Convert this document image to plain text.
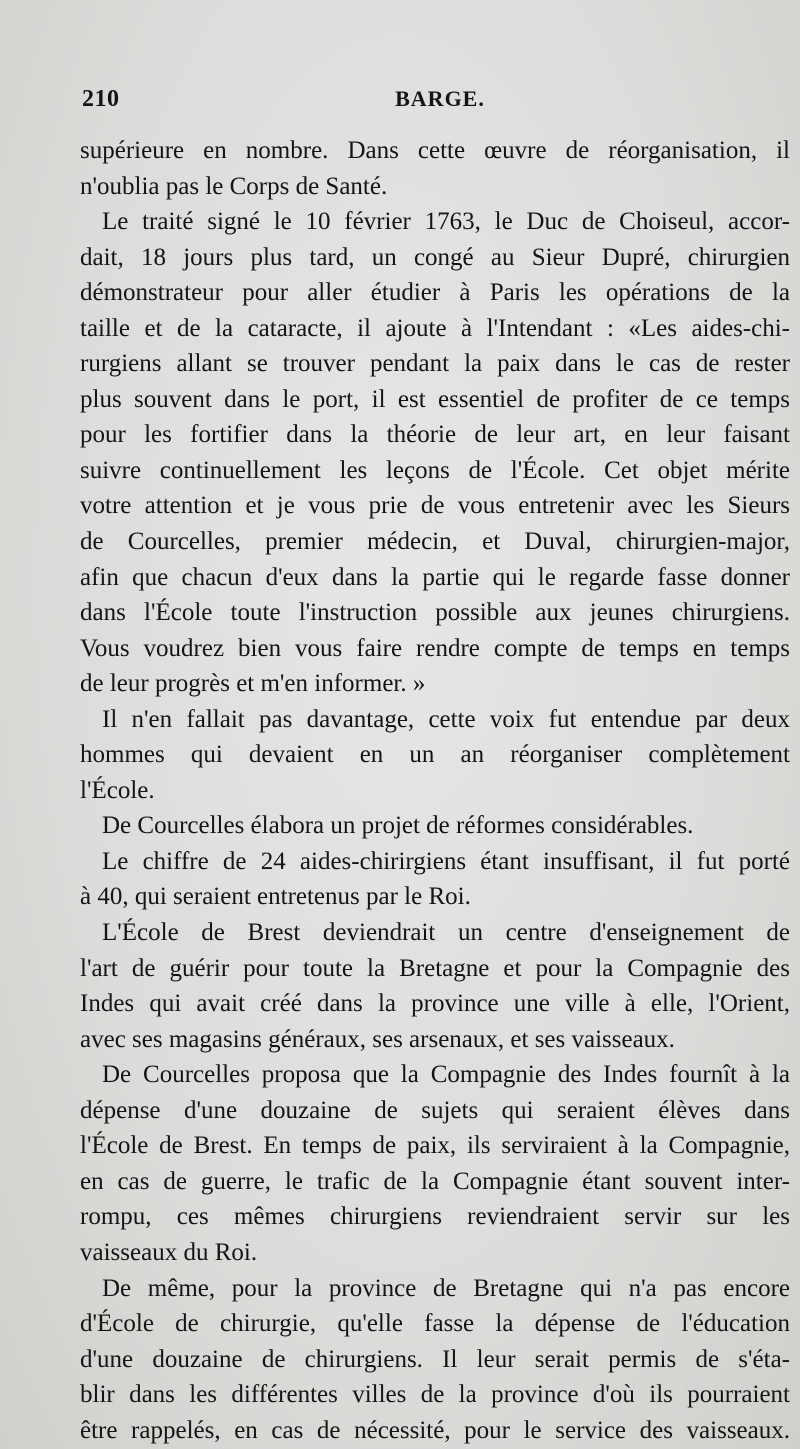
210	BARGE.
supérieure en nombre. Dans cette œuvre de réorganisation, il
n'oublia pas le Corps de Santé.
Le traité signé le 10 février 1763, le Duc de Choiseul, accor-
dait, 18 jours plus tard, un congé au Sieur Dupré, chirurgien
démonstrateur pour aller étudier à Paris les opérations de la
taille et de la cataracte, il ajoute à l'Intendant : «Les aides-chi-
rurgiens allant se trouver pendant la paix dans le cas de rester
plus souvent dans le port, il est essentiel de profiter de ce temps
pour les fortifier dans la théorie de leur art, en leur faisant
suivre continuellement les leçons de l'École. Cet objet mérite
votre attention et je vous prie de vous entretenir avec les Sieurs
de Courcelles, premier médecin, et Duval, chirurgien-major,
afin que chacun d'eux dans la partie qui le regarde fasse donner
dans l'École toute l'instruction possible aux jeunes chirurgiens.
Vous voudrez bien vous faire rendre compte de temps en temps
de leur progrès et m'en informer. »
Il n'en fallait pas davantage, cette voix fut entendue par deux
hommes qui devaient en un an réorganiser complètement
l'École.
De Courcelles élabora un projet de réformes considérables.
Le chiffre de 24 aides-chirirgiens étant insuffisant, il fut porté
à 40, qui seraient entretenus par le Roi.
L'École de Brest deviendrait un centre d'enseignement de
l'art de guérir pour toute la Bretagne et pour la Compagnie des
Indes qui avait créé dans la province une ville à elle, l'Orient,
avec ses magasins généraux, ses arsenaux, et ses vaisseaux.
De Courcelles proposa que la Compagnie des Indes fournît à la
dépense d'une douzaine de sujets qui seraient élèves dans
l'École de Brest. En temps de paix, ils serviraient à la Compagnie,
en cas de guerre, le trafic de la Compagnie étant souvent inter-
rompu, ces mêmes chirurgiens reviendraient servir sur les
vaisseaux du Roi.
De même, pour la province de Bretagne qui n'a pas encore
d'École de chirurgie, qu'elle fasse la dépense de l'éducation
d'une douzaine de chirurgiens. Il leur serait permis de s'éta-
blir dans les différentes villes de la province d'où ils pourraient
être rappelés, en cas de nécessité, pour le service des vaisseaux.
